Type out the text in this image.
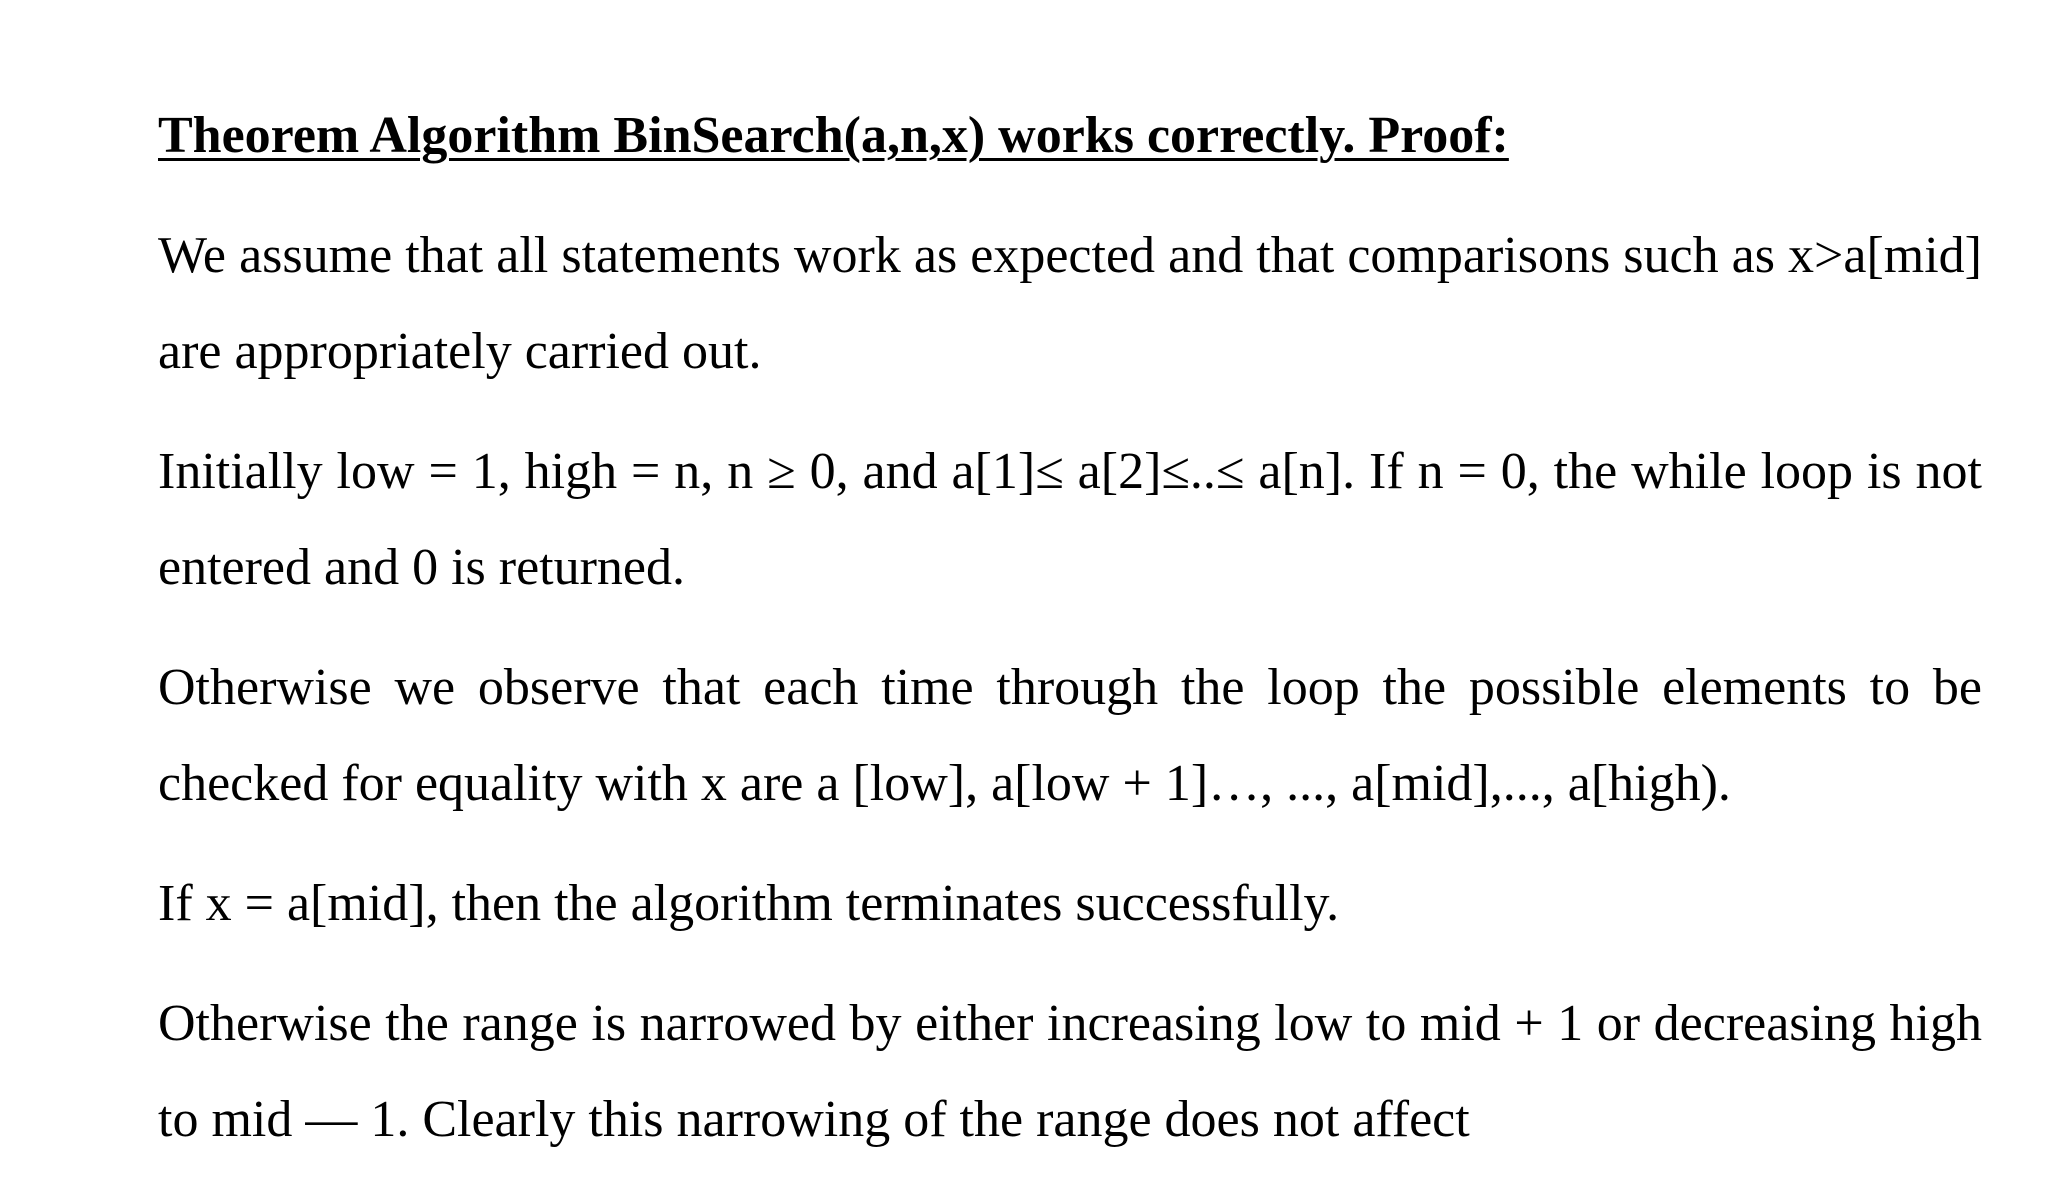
Theorem Algorithm BinSearch(a,n,x) works correctly. Proof:

We assume that all statements work as expected and that comparisons such as x>a[mid] are appropriately carried out.

Initially low = 1, high = n, n ≥ 0, and a[1]≤ a[2]≤..≤ a[n]. If n = 0, the while loop is not entered and 0 is returned.

Otherwise we observe that each time through the loop the possible elements to be checked for equality with x are a [low], a[low + 1]…, ..., a[mid],..., a[high).

If x = a[mid], then the algorithm terminates successfully.

Otherwise the range is narrowed by either increasing low to mid + 1 or decreasing high to mid — 1. Clearly this narrowing of the range does not affect
